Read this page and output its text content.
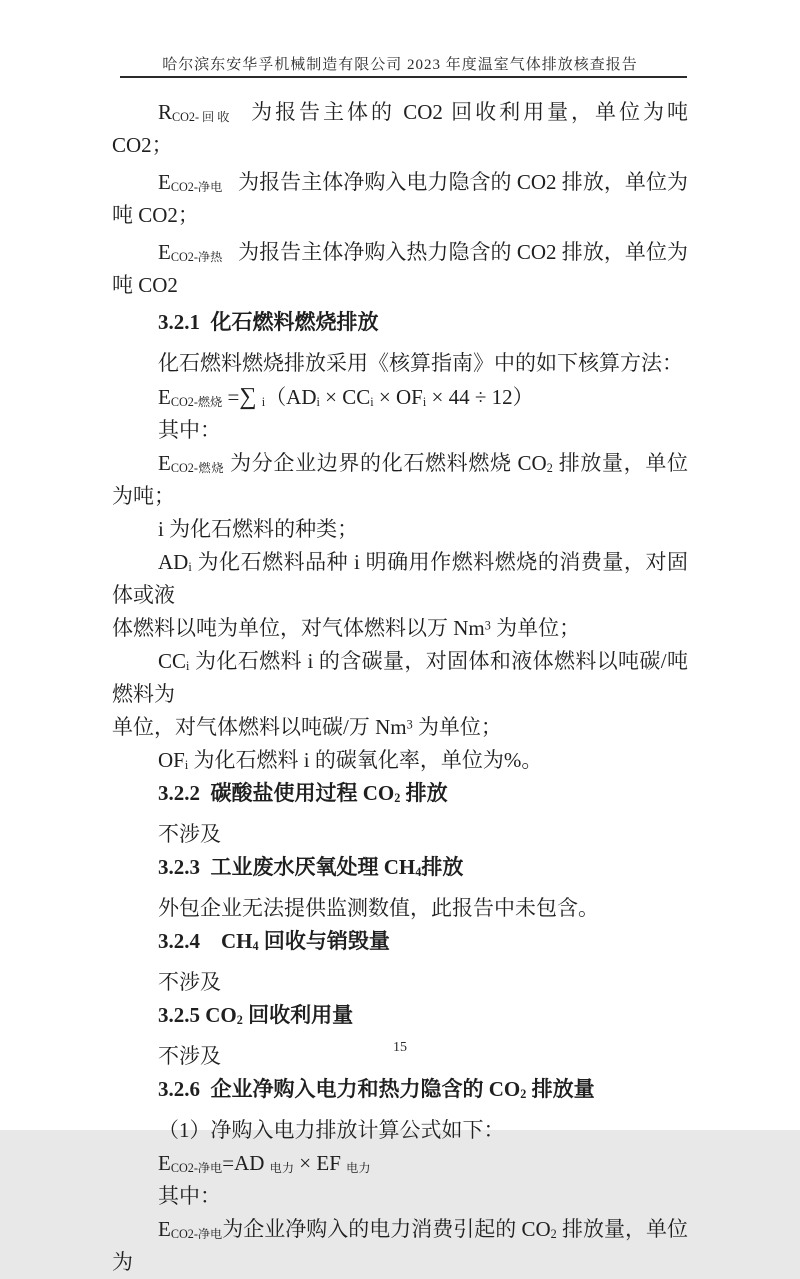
哈尔滨东安华孚机械制造有限公司 2023 年度温室气体排放核查报告
$R_{CO2-回收}$  为报告主体的 CO2 回收利用量，单位为吨 CO2；
$E_{CO2-净电}$  为报告主体净购入电力隐含的 CO2 排放，单位为吨 CO2；
$E_{CO2-净热}$  为报告主体净购入热力隐含的 CO2 排放，单位为吨 CO2
3.2.1 化石燃料燃烧排放
化石燃料燃烧排放采用《核算指南》中的如下核算方法：
$E_{CO2-燃烧}$ =∑ $_i(AD_i \times CC_i \times OF_i \times 44 \div 12)$
其中：
$E_{CO2-燃烧}$ 为分企业边界的化石燃料燃烧 $CO_2$ 排放量，单位为吨；
i 为化石燃料的种类；
$AD_i$ 为化石燃料品种 i 明确用作燃料燃烧的消费量，对固体或液
体燃料以吨为单位，对气体燃料以万 Nm$^3$ 为单位；
$CC_i$ 为化石燃料 i 的含碳量，对固体和液体燃料以吨碳/吨燃料为
单位，对气体燃料以吨碳/万 Nm$^3$ 为单位；
$OF_i$ 为化石燃料 i 的碳氧化率，单位为%。
3.2.2 碳酸盐使用过程 $CO_2$ 排放
不涉及
3.2.3 工业废水厌氧处理 $CH_4$排放
外包企业无法提供监测数值，此报告中未包含。
3.2.4　$CH_4$ 回收与销毁量
不涉及
3.2.5 $CO_2$ 回收利用量
不涉及
3.2.6 企业净购入电力和热力隐含的 $CO_2$ 排放量
（1）净购入电力排放计算公式如下：
$E_{CO2-净电}=AD$ $_{电力}$ × EF $_{电力}$
其中：
$E_{CO2-净电}$为企业净购入的电力消费引起的 $CO_2$ 排放量，单位为
15
